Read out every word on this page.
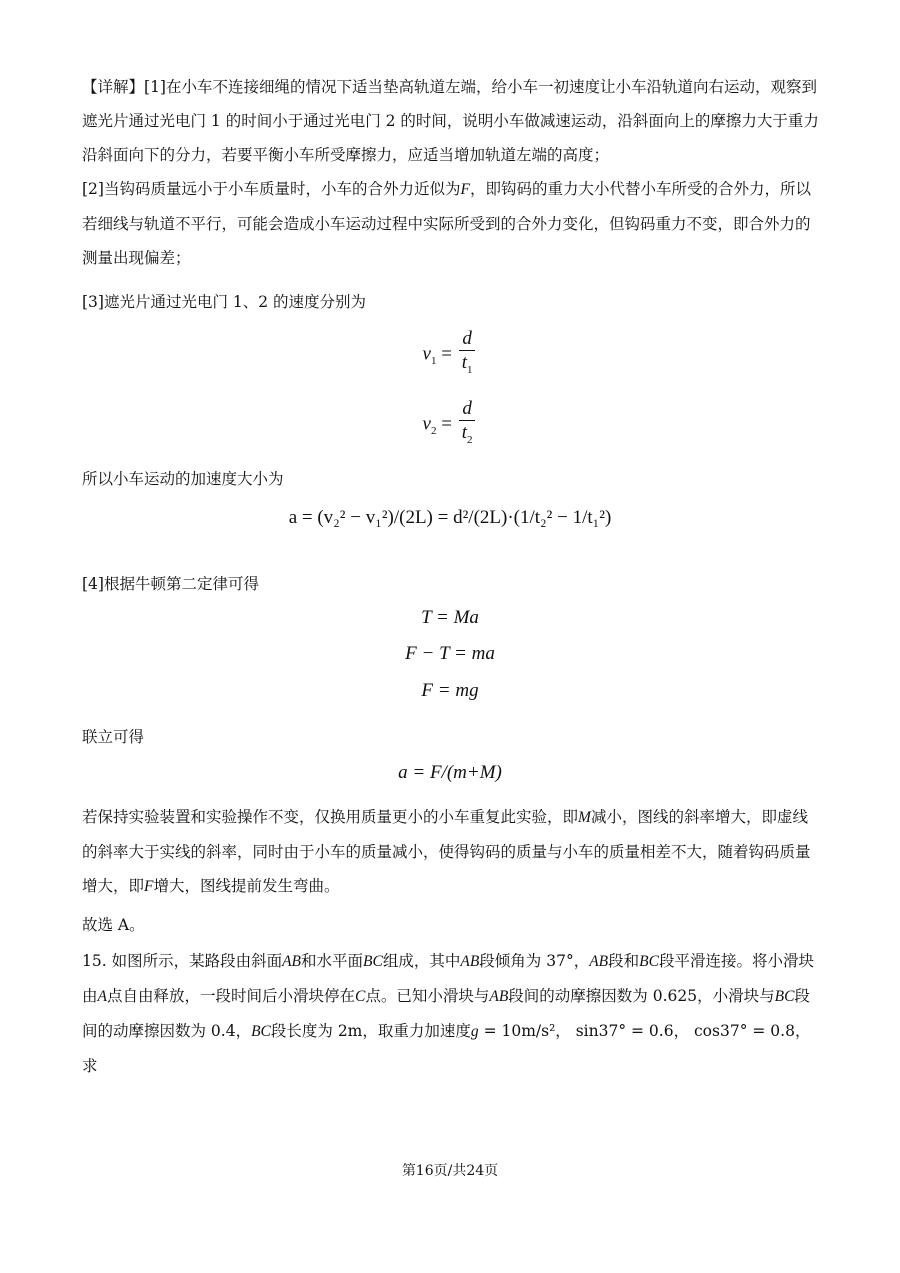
【详解】[1]在小车不连接细绳的情况下适当垫高轨道左端，给小车一初速度让小车沿轨道向右运动，观察到遮光片通过光电门 1 的时间小于通过光电门 2 的时间，说明小车做减速运动，沿斜面向上的摩擦力大于重力沿斜面向下的分力，若要平衡小车所受摩擦力，应适当增加轨道左端的高度；

[2]当钩码质量远小于小车质量时，小车的合外力近似为F，即钩码的重力大小代替小车所受的合外力，所以若细线与轨道不平行，可能会造成小车运动过程中实际所受到的合外力变化，但钩码重力不变，即合外力的测量出现偏差；

[3]遮光片通过光电门 1、2 的速度分别为

$v_1 = \frac{d}{t_1}$
$v_2 = \frac{d}{t_2}$

所以小车运动的加速度大小为

a = (v₂² − v₁²)/(2L) = d²/(2L)·(1/t₂² − 1/t₁²)

[4]根据牛顿第二定律可得

T = Ma
F − T = ma
F = mg

联立可得

a = F/(m+M)

若保持实验装置和实验操作不变，仅换用质量更小的小车重复此实验，即M减小，图线的斜率增大，即虚线的斜率大于实线的斜率，同时由于小车的质量减小，使得钩码的质量与小车的质量相差不大，随着钩码质量增大，即F增大，图线提前发生弯曲。

故选 A。

15. 如图所示，某路段由斜面AB和水平面BC组成，其中AB段倾角为 37°，AB段和BC段平滑连接。将小滑块由A点自由释放，一段时间后小滑块停在C点。已知小滑块与AB段间的动摩擦因数为 0.625，小滑块与BC段间的动摩擦因数为 0.4，BC段长度为 2m，取重力加速度g = 10m/s²， sin37° = 0.6， cos37° = 0.8，求

第16页/共24页
